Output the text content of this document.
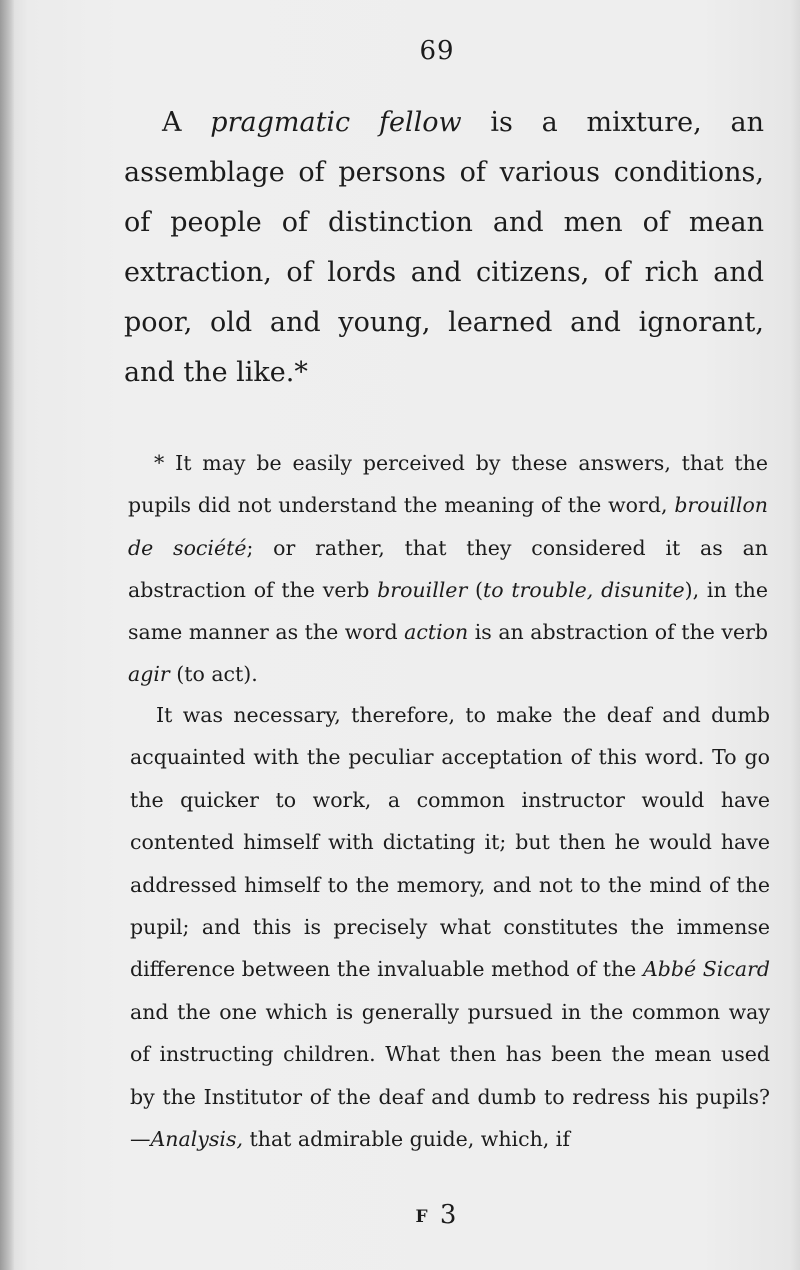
69

A pragmatic fellow is a mixture, an assemblage of persons of various conditions, of people of distinction and men of mean extraction, of lords and citizens, of rich and poor, old and young, learned and ignorant, and the like.*

* It may be easily perceived by these answers, that the pupils did not understand the meaning of the word, brouillon de société; or rather, that they considered it as an abstraction of the verb brouiller (to trouble, disunite), in the same manner as the word action is an abstraction of the verb agir (to act).

It was necessary, therefore, to make the deaf and dumb acquainted with the peculiar acceptation of this word. To go the quicker to work, a common instructor would have contented himself with dictating it; but then he would have addressed himself to the memory, and not to the mind of the pupil; and this is precisely what constitutes the immense difference between the invaluable method of the Abbé Sicard and the one which is generally pursued in the common way of instructing children. What then has been the mean used by the Institutor of the deaf and dumb to redress his pupils?—Analysis, that admirable guide, which, if

F 3
